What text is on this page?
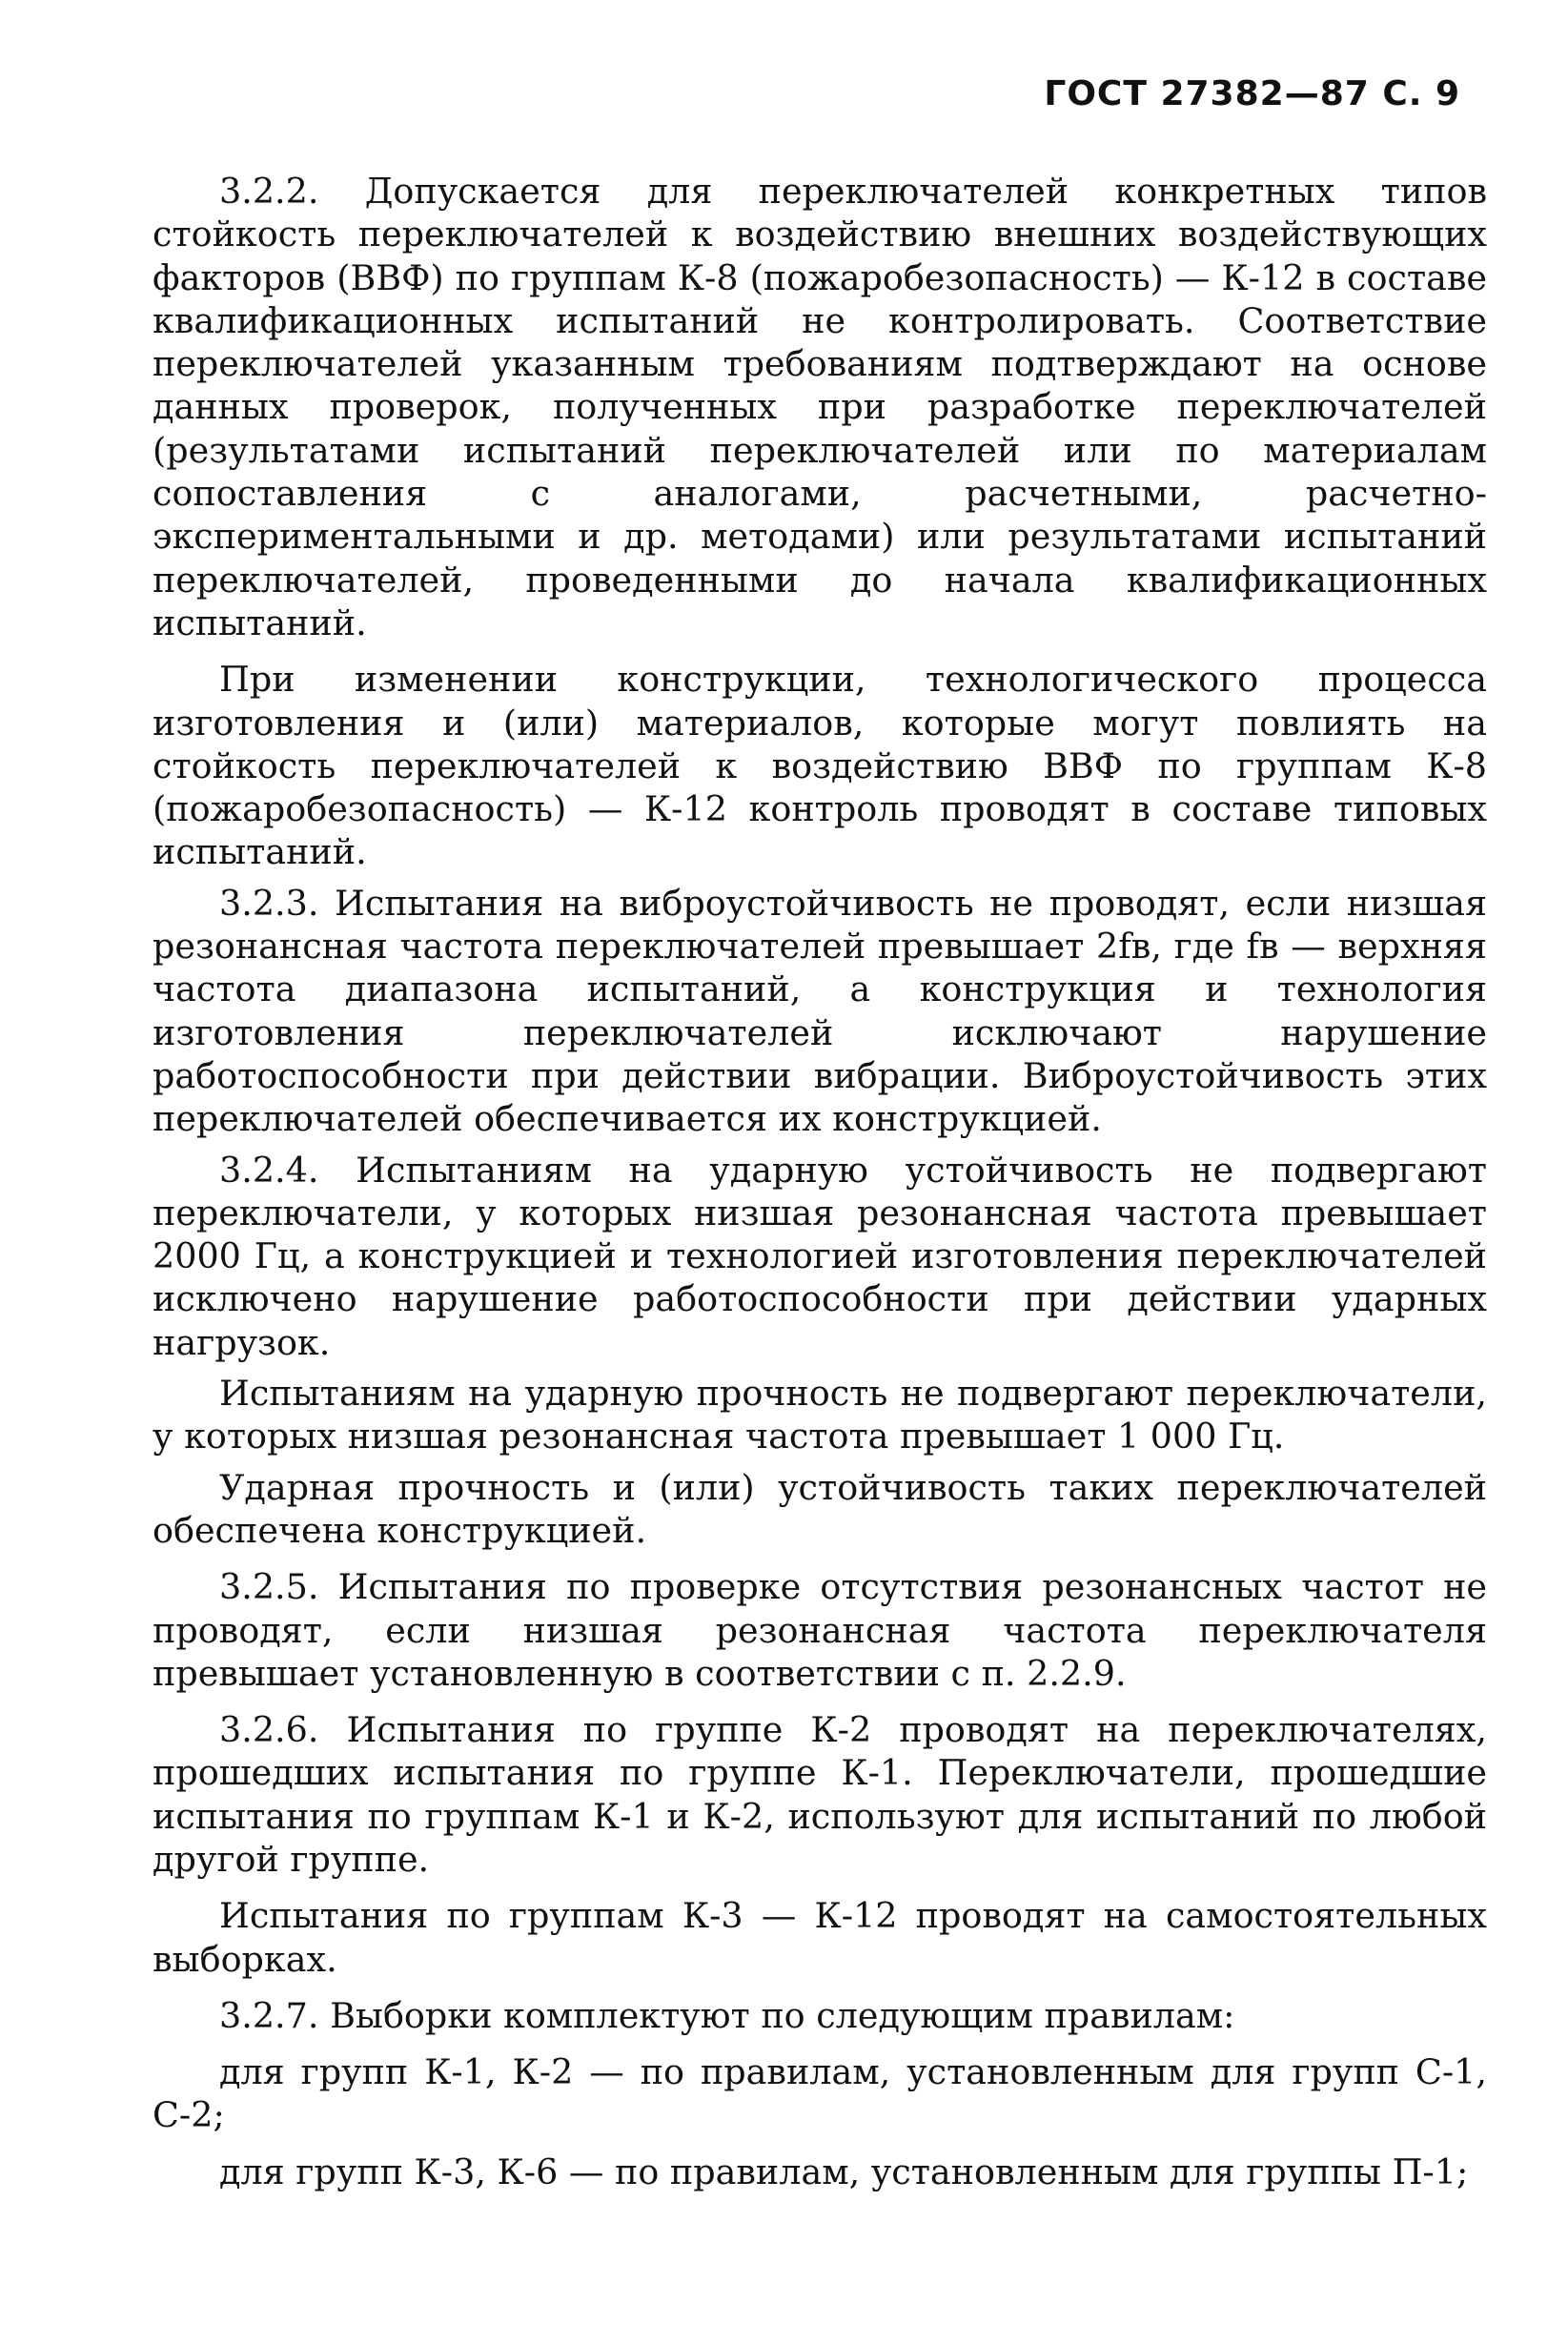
ГОСТ 27382—87 С. 9

3.2.2. Допускается для переключателей конкретных типов стойкость переключателей к воздействию внешних воздействующих факторов (ВВФ) по группам К-8 (пожаробезопасность) — К-12 в составе квалификационных испытаний не контролировать. Соответствие переключателей указанным требованиям подтверждают на основе данных проверок, полученных при разработке переключателей (результатами испытаний переключателей или по материалам сопоставления с аналогами, расчетными, расчетно-экспериментальными и др. методами) или результатами испытаний переключателей, проведенными до начала квалификационных испытаний.

При изменении конструкции, технологического процесса изготовления и (или) материалов, которые могут повлиять на стойкость переключателей к воздействию ВВФ по группам К-8 (пожаробезопасность) — К-12 контроль проводят в составе типовых испытаний.

3.2.3. Испытания на виброустойчивость не проводят, если низшая резонансная частота переключателей превышает 2fв, где fв — верхняя частота диапазона испытаний, а конструкция и технология изготовления переключателей исключают нарушение работоспособности при действии вибрации. Виброустойчивость этих переключателей обеспечивается их конструкцией.

3.2.4. Испытаниям на ударную устойчивость не подвергают переключатели, у которых низшая резонансная частота превышает 2000 Гц, а конструкцией и технологией изготовления переключателей исключено нарушение работоспособности при действии ударных нагрузок.

Испытаниям на ударную прочность не подвергают переключатели, у которых низшая резонансная частота превышает 1 000 Гц.

Ударная прочность и (или) устойчивость таких переключателей обеспечена конструкцией.

3.2.5. Испытания по проверке отсутствия резонансных частот не проводят, если низшая резонансная частота переключателя превышает установленную в соответствии с п. 2.2.9.

3.2.6. Испытания по группе К-2 проводят на переключателях, прошедших испытания по группе К-1. Переключатели, прошедшие испытания по группам К-1 и К-2, используют для испытаний по любой другой группе.

Испытания по группам К-3 — К-12 проводят на самостоятельных выборках.

3.2.7. Выборки комплектуют по следующим правилам:

для групп К-1, К-2 — по правилам, установленным для групп С-1, С-2;

для групп К-3, К-6 — по правилам, установленным для группы П-1;
